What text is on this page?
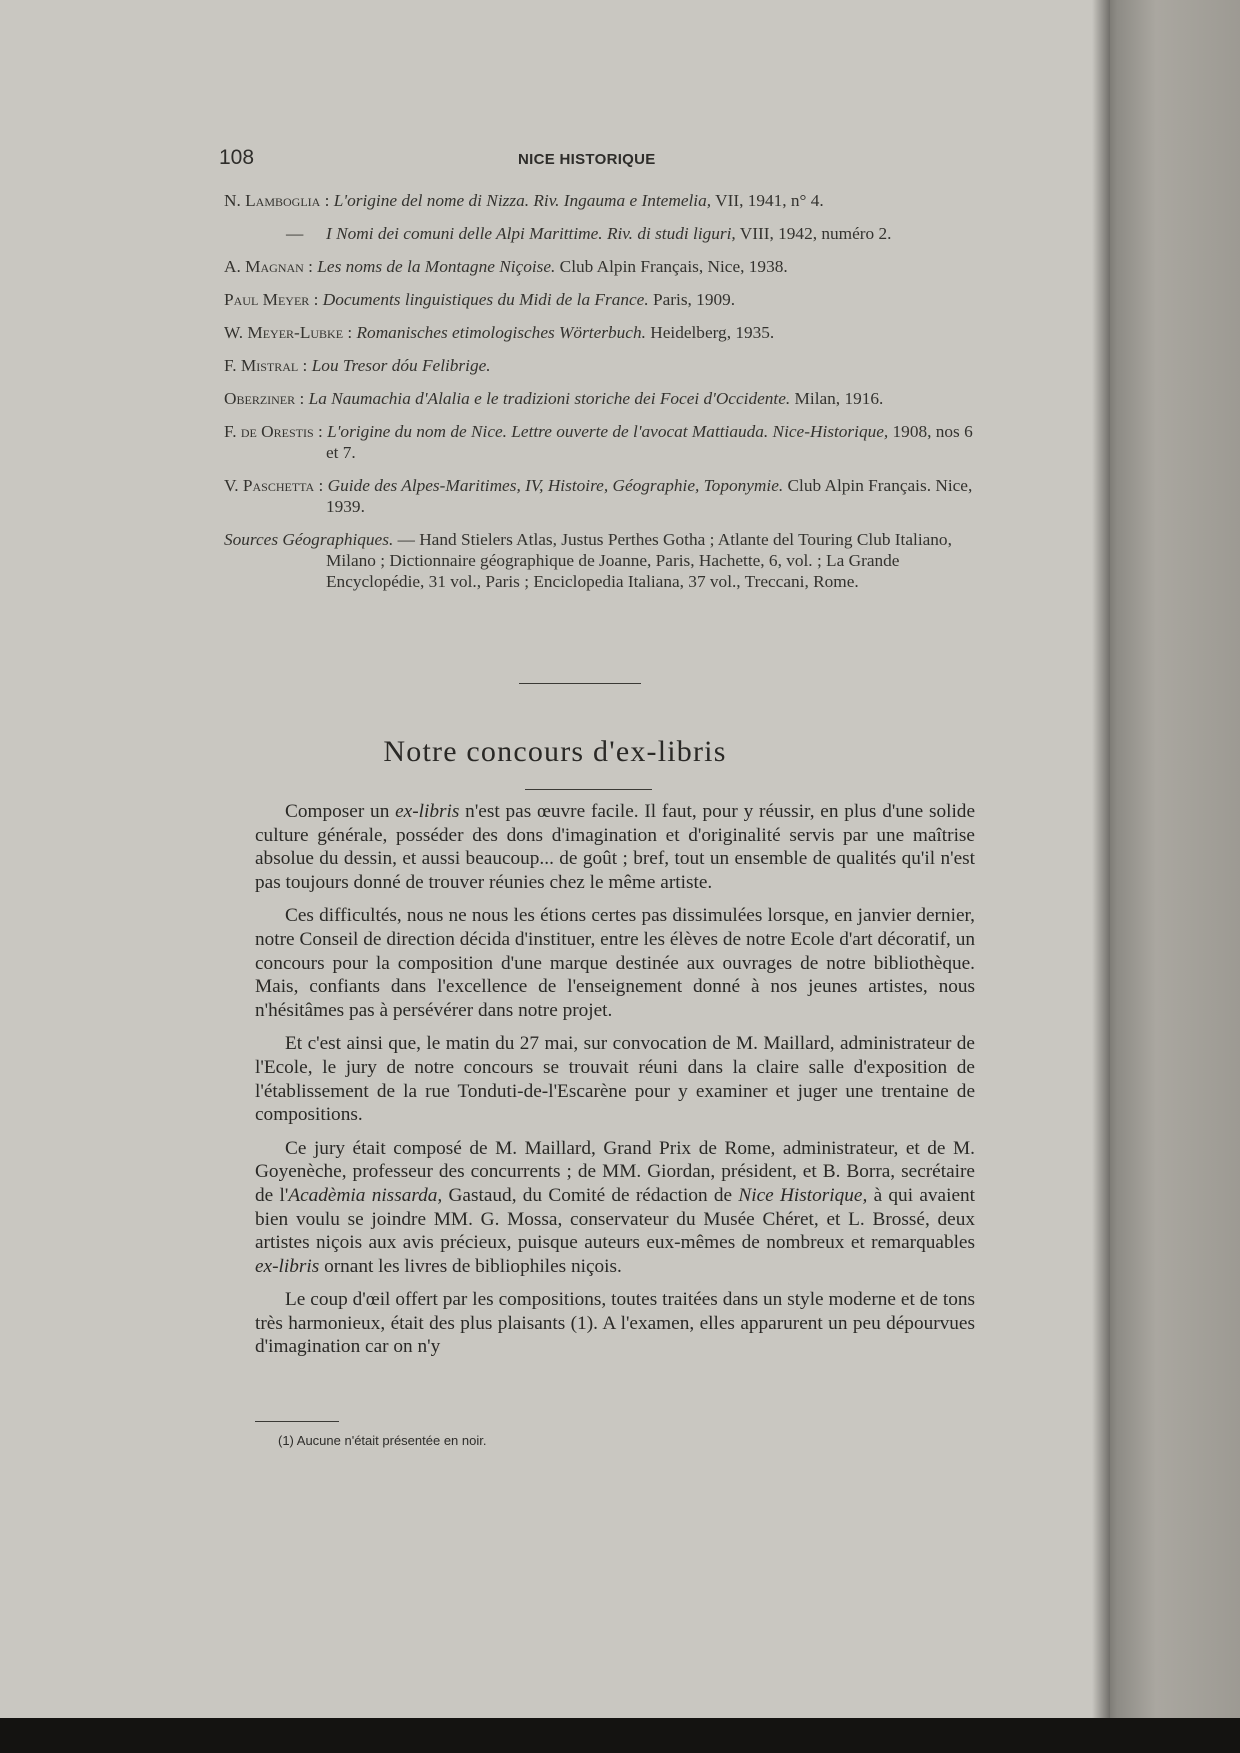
108	NICE HISTORIQUE
N. Lamboglia : L'origine del nome di Nizza. Riv. Ingauma e Intemelia, VII, 1941, n° 4.
— I Nomi dei comuni delle Alpi Marittime. Riv. di studi liguri, VIII, 1942, numéro 2.
A. Magnan : Les noms de la Montagne Niçoise. Club Alpin Français, Nice, 1938.
Paul Meyer : Documents linguistiques du Midi de la France. Paris, 1909.
W. Meyer-Lubke : Romanisches etimologisches Wörterbuch. Heidelberg, 1935.
F. Mistral : Lou Tresor dóu Felibrige.
Oberziner : La Naumachia d'Alalia e le tradizioni storiche dei Focei d'Occidente. Milan, 1916.
F. de Orestis : L'origine du nom de Nice. Lettre ouverte de l'avocat Mattiauda. Nice-Historique, 1908, nos 6 et 7.
V. Paschetta : Guide des Alpes-Maritimes, IV, Histoire, Géographie, Toponymie. Club Alpin Français. Nice, 1939.
Sources Géographiques. — Hand Stielers Atlas, Justus Perthes Gotha ; Atlante del Touring Club Italiano, Milano ; Dictionnaire géographique de Joanne, Paris, Hachette, 6, vol. ; La Grande Encyclopédie, 31 vol., Paris ; Enciclopedia Italiana, 37 vol., Treccani, Rome.
Notre concours d'ex-libris

Composer un ex-libris n'est pas œuvre facile. Il faut, pour y réussir, en plus d'une solide culture générale, posséder des dons d'imagination et d'originalité servis par une maîtrise absolue du dessin, et aussi beaucoup... de goût ; bref, tout un ensemble de qualités qu'il n'est pas toujours donné de trouver réunies chez le même artiste.

Ces difficultés, nous ne nous les étions certes pas dissimulées lorsque, en janvier dernier, notre Conseil de direction décida d'instituer, entre les élèves de notre Ecole d'art décoratif, un concours pour la composition d'une marque destinée aux ouvrages de notre bibliothèque. Mais, confiants dans l'excellence de l'enseignement donné à nos jeunes artistes, nous n'hésitâmes pas à persévérer dans notre projet.

Et c'est ainsi que, le matin du 27 mai, sur convocation de M. Maillard, administrateur de l'Ecole, le jury de notre concours se trouvait réuni dans la claire salle d'exposition de l'établissement de la rue Tonduti-de-l'Escarène pour y examiner et juger une trentaine de compositions.

Ce jury était composé de M. Maillard, Grand Prix de Rome, administrateur, et de M. Goyenèche, professeur des concurrents ; de MM. Giordan, président, et B. Borra, secrétaire de l'Acadèmia nissarda, Gastaud, du Comité de rédaction de Nice Historique, à qui avaient bien voulu se joindre MM. G. Mossa, conservateur du Musée Chéret, et L. Brossé, deux artistes niçois aux avis précieux, puisque auteurs eux-mêmes de nombreux et remarquables ex-libris ornant les livres de bibliophiles niçois.

Le coup d'œil offert par les compositions, toutes traitées dans un style moderne et de tons très harmonieux, était des plus plaisants (1). A l'examen, elles apparurent un peu dépourvues d'imagination car on n'y

(1) Aucune n'était présentée en noir.
